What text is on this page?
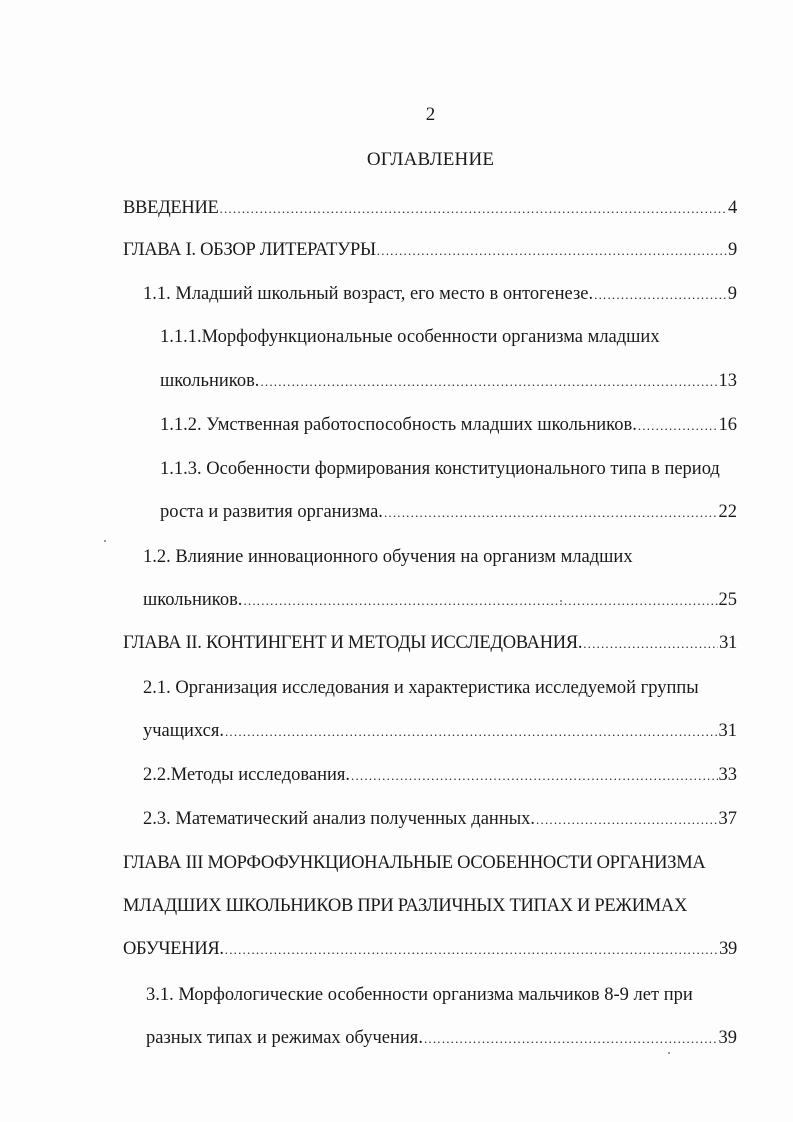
2
ОГЛАВЛЕНИЕ
ВВЕДЕНИЕ .....	4
ГЛАВА I. ОБЗОР ЛИТЕРАТУРЫ .....	9
1.1. Младший школьный возраст, его место в онтогенезе. .....	9
1.1.1.Морфофункциональные особенности организма младших
школьников. .....	13
1.1.2. Умственная работоспособность младших школьников. .....	16
1.1.3. Особенности формирования конституционального типа в период
роста и развития организма. .....	22
1.2. Влияние инновационного обучения на организм младших
школьников. .....	25
ГЛАВА II. КОНТИНГЕНТ И МЕТОДЫ ИССЛЕДОВАНИЯ. .....	31
2.1. Организация исследования и характеристика исследуемой группы
учащихся. .....	31
2.2.Методы исследования. .....	33
2.3. Математический анализ полученных данных. .....	37
ГЛАВА III МОРФОФУНКЦИОНАЛЬНЫЕ ОСОБЕННОСТИ ОРГАНИЗМА
МЛАДШИХ ШКОЛЬНИКОВ ПРИ РАЗЛИЧНЫХ ТИПАХ И РЕЖИМАХ
ОБУЧЕНИЯ. .....	39
3.1. Морфологические особенности организма мальчиков 8-9 лет при
разных типах и режимах обучения. .....	39
